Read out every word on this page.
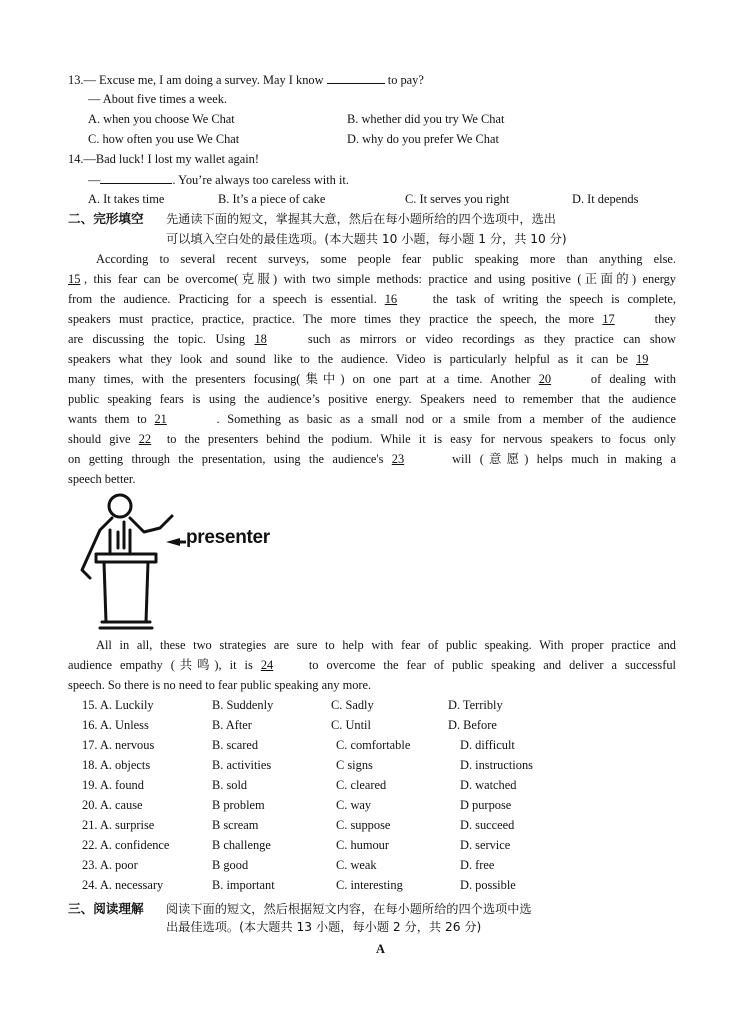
13.— Excuse me, I am doing a survey. May I know	to pay?
— About five times a week.
A. when you choose We Chat	B. whether did you try We Chat
C. how often you use We Chat	D. why do you prefer We Chat
14.—Bad luck! I lost my wallet again!
—	. You’re always too careless with it.
A. It takes time	B. It’s a piece of cake	C. It serves you right	D. It depends
二、完形填空 先通读下面的短文，掌握其大意，然后在每小题所给的四个选项中，选出
可以填入空白处的最佳选项。(本大题共 10 小题，每小题 1 分，共 10 分)
According to several recent surveys, some people fear public speaking more than anything else.
15 , this fear can be overcome(克服) with two simple methods: practice and using positive (正面的) energy
from the audience. Practicing for a speech is essential. 16 the task of writing the speech is complete,
speakers must practice, practice, practice. The more times they practice the speech, the more 17	they
are discussing the topic. Using 18	such as mirrors or video recordings as they practice can show
speakers what they look and sound like to the audience. Video is particularly helpful as it can be 19
many times, with the presenters focusing(集中) on one part at a time. Another 20	of dealing with
public speaking fears is using the audience’s positive energy. Speakers need to remember that the audience
wants them to 21	. Something as basic as a small nod or a smile from a member of the audience
should give 22 to the presenters behind the podium. While it is easy for nervous speakers to focus only
on getting through the presentation, using the audience's 23	will (意愿) helps much in making a
speech better.
presenter
All in all, these two strategies are sure to help with fear of public speaking. With proper practice and
audience empathy (共鸣), it is 24 to overcome the fear of public speaking and deliver a successful
speech. So there is no need to fear public speaking any more.
15. A. Luckily	B. Suddenly	C. Sadly	D. Terribly
16. A. Unless	B. After	C. Until	D. Before
17. A. nervous	B. scared	C. comfortable	D. difficult
18. A. objects	B. activities	C signs	D. instructions
19. A. found	B. sold	C. cleared	D. watched
20. A. cause	B problem	C. way	D purpose
21. A. surprise	B scream	C. suppose	D. succeed
22. A. confidence	B challenge	C. humour	D. service
23. A. poor	B good	C. weak	D. free
24. A. necessary	B. important	C. interesting	D. possible
三、阅读理解 阅读下面的短文，然后根据短文内容，在每小题所给的四个选项中选
出最佳选项。(本大题共 13 小题，每小题 2 分，共 26 分)
A
